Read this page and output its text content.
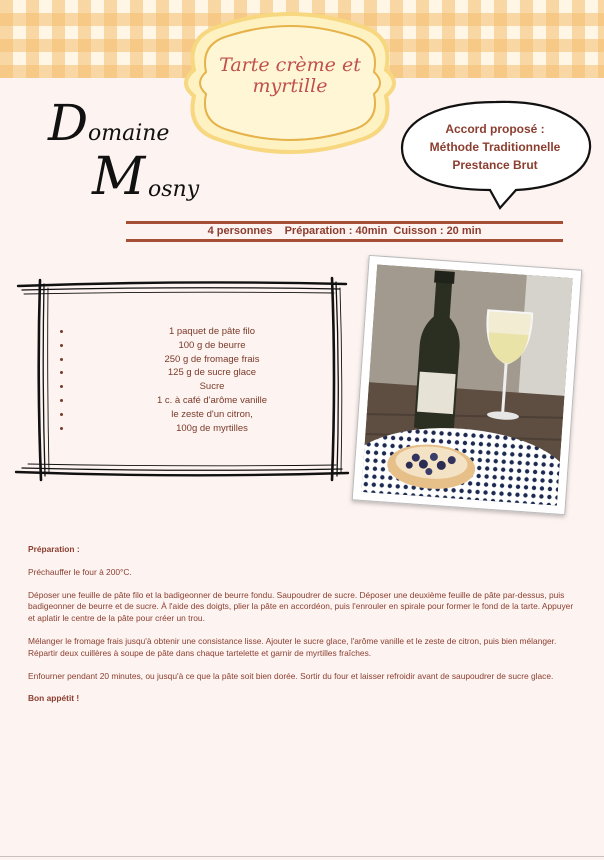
Tarte crème et
myrtille
D omaine
M osny
Accord proposé :
Méthode Traditionnelle
Prestance Brut
4 personnes    Préparation : 40min  Cuisson : 20 min
• 1 paquet de pâte filo
• 100 g de beurre
• 250 g de fromage frais
• 125 g de sucre glace
• Sucre
• 1 c. à café d'arôme vanille
• le zeste d'un citron,
• 100g de myrtilles

Préparation :

Préchauffer le four à 200°C.

Déposer une feuille de pâte filo et la badigeonner de beurre fondu. Saupoudrer de sucre. Déposer une deuxième feuille de pâte par-dessus, puis badigeonner de beurre et de sucre. À l'aide des doigts, plier la pâte en accordéon, puis l'enrouler en spirale pour former le fond de la tarte. Appuyer et aplatir le centre de la pâte pour créer un trou.

Mélanger le fromage frais jusqu'à obtenir une consistance lisse. Ajouter le sucre glace, l'arôme vanille et le zeste de citron, puis bien mélanger. Répartir deux cuillères à soupe de pâte dans chaque tartelette et garnir de myrtilles fraîches.

Enfourner pendant 20 minutes, ou jusqu'à ce que la pâte soit bien dorée. Sortir du four et laisser refroidir avant de saupoudrer de sucre glace.

Bon appétit !
